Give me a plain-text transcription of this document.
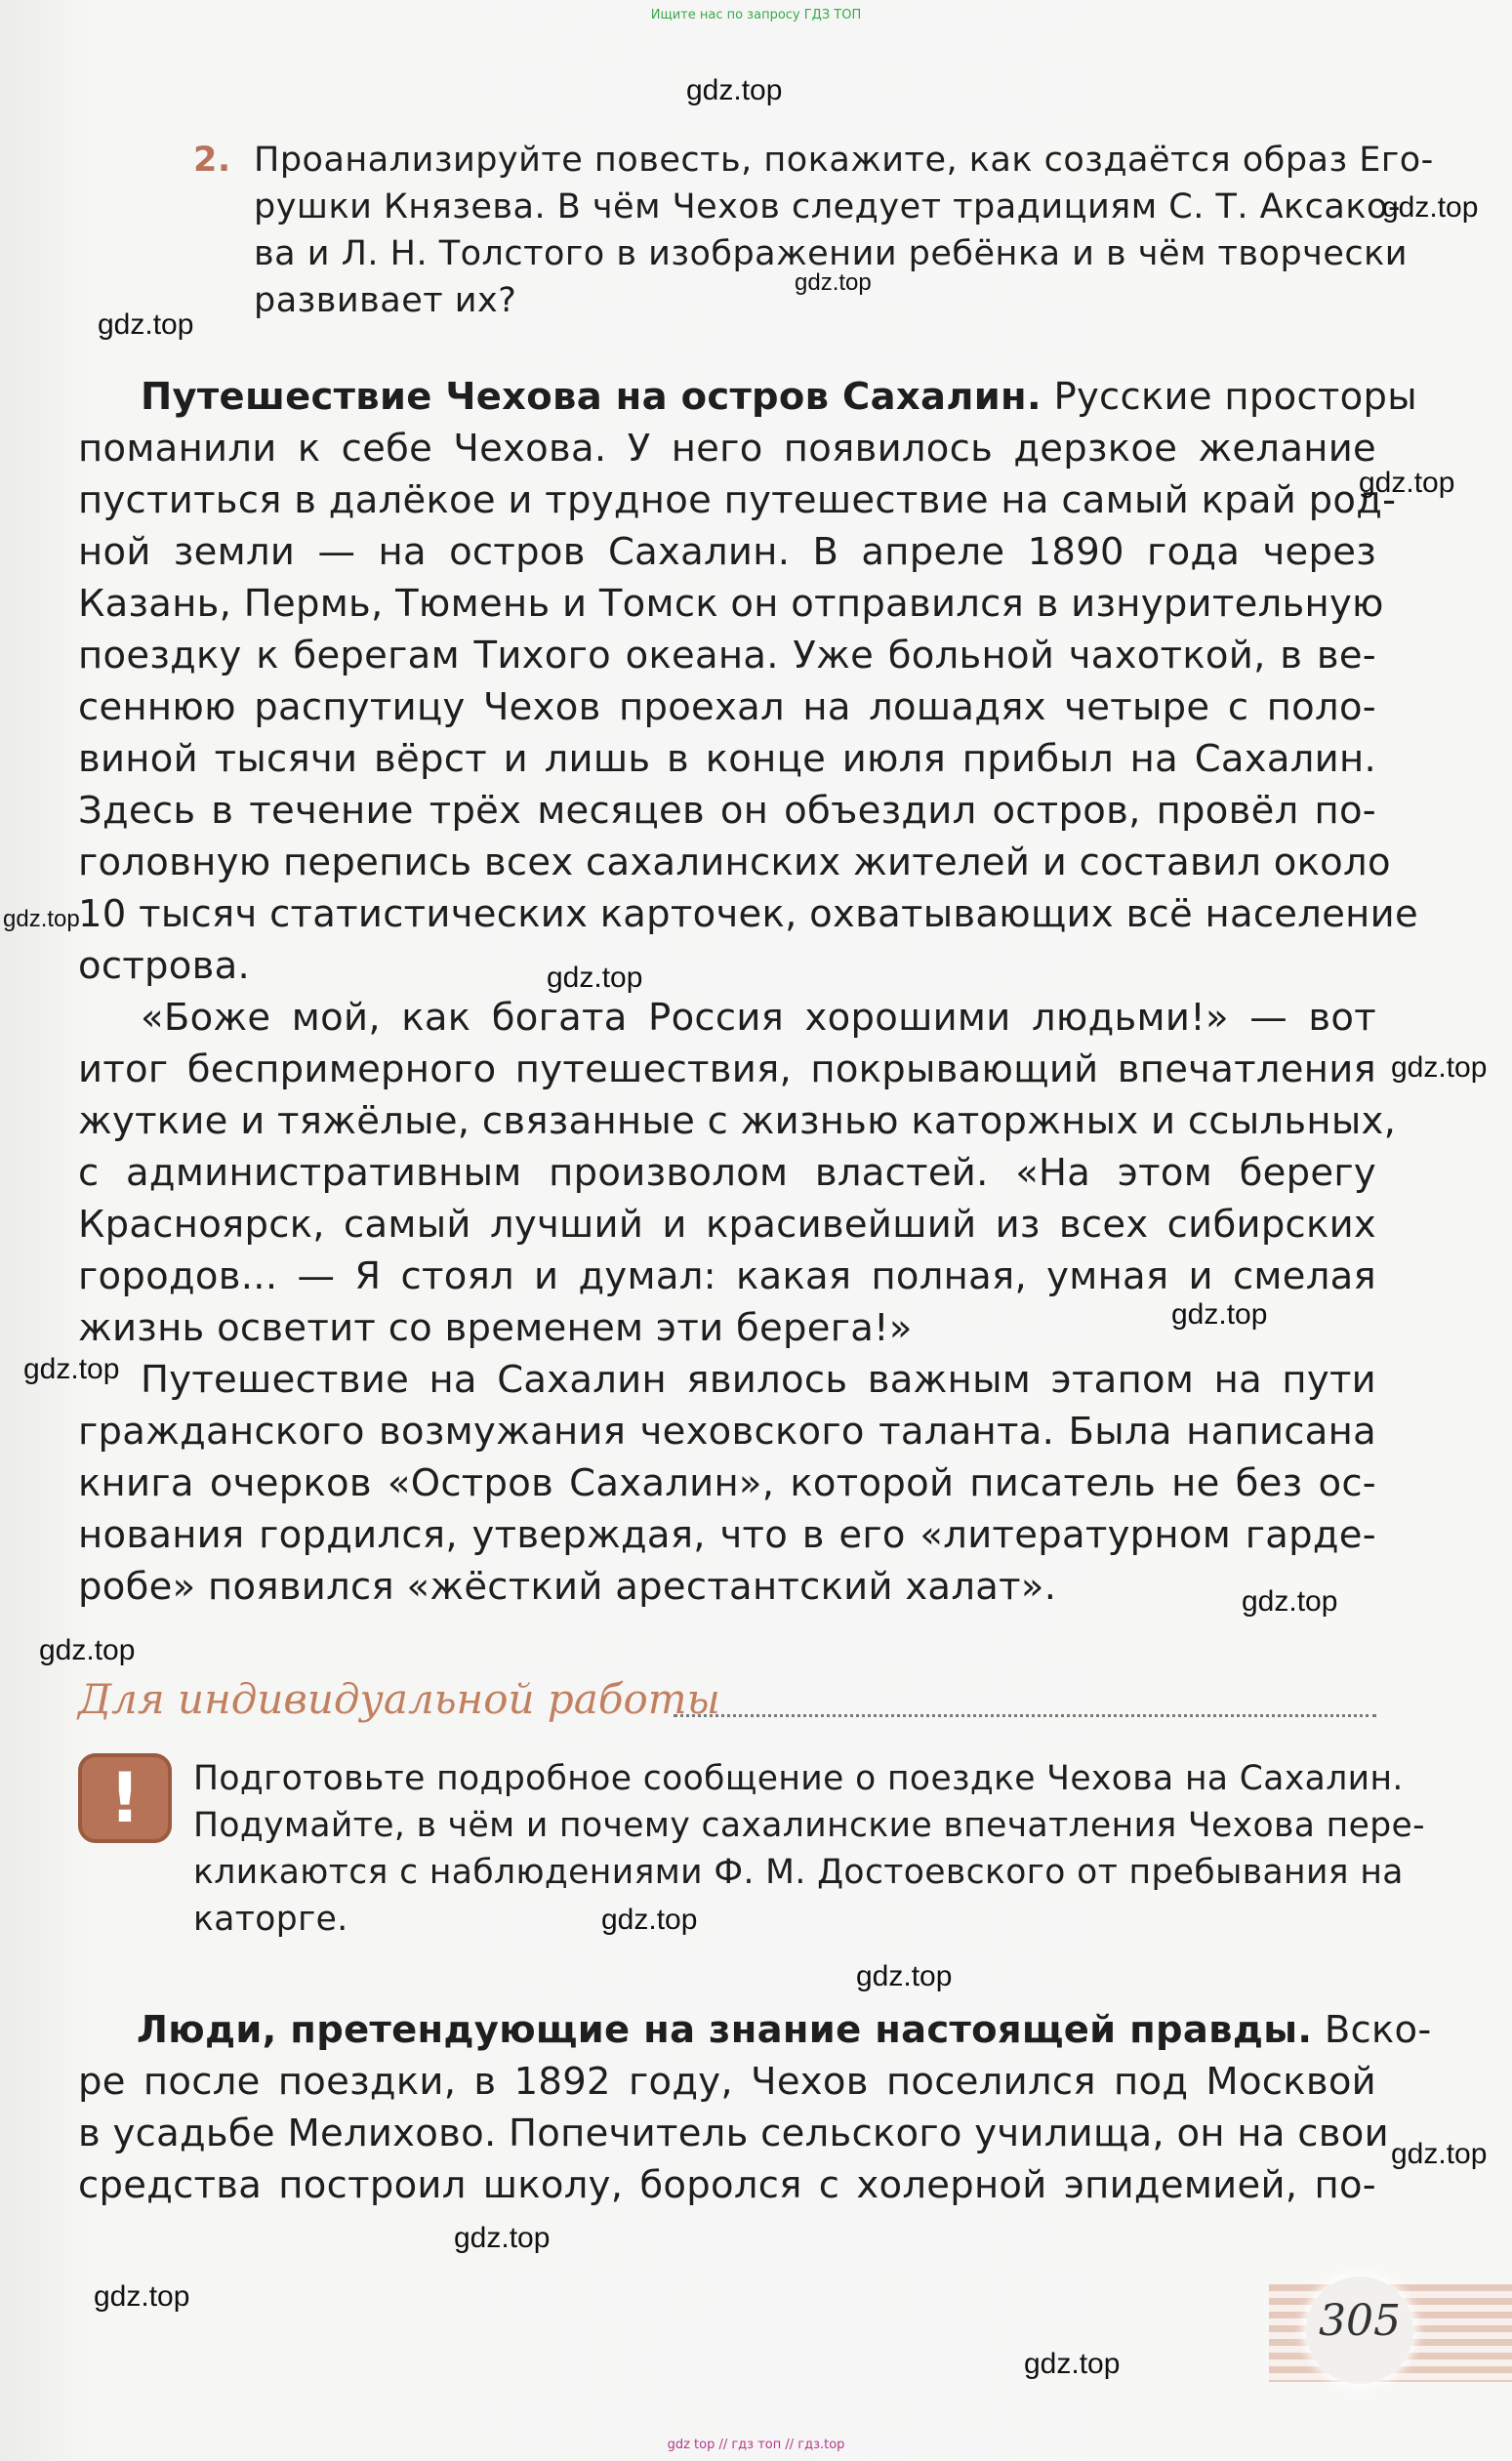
Ищите нас по запросу ГДЗ ТОП
2. Проанализируйте повесть, покажите, как создаётся образ Его-
рушки Князева. В чём Чехов следует традициям С. Т. Аксако-
ва и Л. Н. Толстого в изображении ребёнка и в чём творчески
развивает их?
Путешествие Чехова на остров Сахалин. Русские просторы
поманили к себе Чехова. У него появилось дерзкое желание
пуститься в далёкое и трудное путешествие на самый край род-
ной земли — на остров Сахалин. В апреле 1890 года через
Казань, Пермь, Тюмень и Томск он отправился в изнурительную
поездку к берегам Тихого океана. Уже больной чахоткой, в ве-
сеннюю распутицу Чехов проехал на лошадях четыре с поло-
виной тысячи вёрст и лишь в конце июля прибыл на Сахалин.
Здесь в течение трёх месяцев он объездил остров, провёл по-
головную перепись всех сахалинских жителей и составил около
10 тысяч статистических карточек, охватывающих всё население
острова.
«Боже мой, как богата Россия хорошими людьми!» — вот
итог беспримерного путешествия, покрывающий впечатления
жуткие и тяжёлые, связанные с жизнью каторжных и ссыльных,
с административным произволом властей. «На этом берегу
Красноярск, самый лучший и красивейший из всех сибирских
городов... — Я стоял и думал: какая полная, умная и смелая
жизнь осветит со временем эти берега!»
Путешествие на Сахалин явилось важным этапом на пути
гражданского возмужания чеховского таланта. Была написана
книга очерков «Остров Сахалин», которой писатель не без ос-
нования гордился, утверждая, что в его «литературном гарде-
робе» появился «жёсткий арестантский халат».
Для индивидуальной работы
!	Подготовьте подробное сообщение о поездке Чехова на Сахалин.
Подумайте, в чём и почему сахалинские впечатления Чехова пере-
кликаются с наблюдениями Ф. М. Достоевского от пребывания на
каторге.
Люди, претендующие на знание настоящей правды. Вско-
ре после поездки, в 1892 году, Чехов поселился под Москвой
в усадьбе Мелихово. Попечитель сельского училища, он на свои
средства построил школу, боролся с холерной эпидемией, по-
305
gdz.top
gdz.top
gdz.top
gdz.top
gdz.top
gdz.top
gdz.top
gdz.top
gdz.top
gdz.top
gdz.top
gdz.top
gdz.top
gdz.top
gdz.top
gdz.top
gdz.top
gdz.top
gdz top // гдз топ // гдз.top
